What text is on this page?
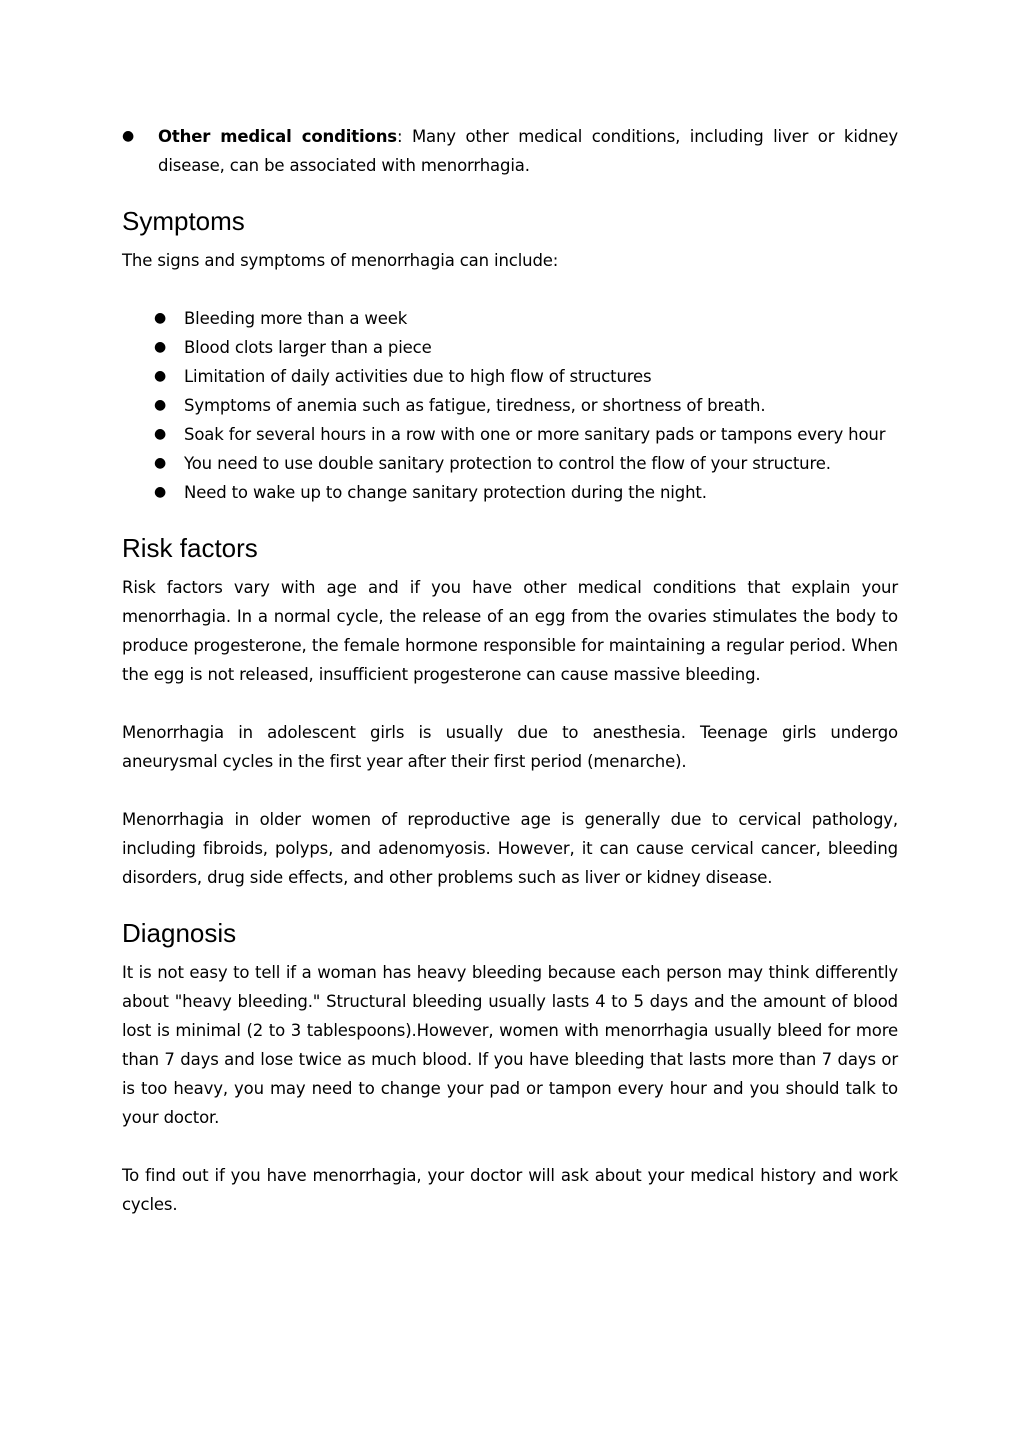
● Other medical conditions: Many other medical conditions, including liver or kidney disease, can be associated with menorrhagia.
Symptoms

The signs and symptoms of menorrhagia can include:

● Bleeding more than a week
● Blood clots larger than a piece
● Limitation of daily activities due to high flow of structures
● Symptoms of anemia such as fatigue, tiredness, or shortness of breath.
● Soak for several hours in a row with one or more sanitary pads or tampons every hour
● You need to use double sanitary protection to control the flow of your structure.
● Need to wake up to change sanitary protection during the night.
Risk factors

Risk factors vary with age and if you have other medical conditions that explain your menorrhagia. In a normal cycle, the release of an egg from the ovaries stimulates the body to produce progesterone, the female hormone responsible for maintaining a regular period. When the egg is not released, insufficient progesterone can cause massive bleeding.

Menorrhagia in adolescent girls is usually due to anesthesia. Teenage girls undergo aneurysmal cycles in the first year after their first period (menarche).

Menorrhagia in older women of reproductive age is generally due to cervical pathology, including fibroids, polyps, and adenomyosis. However, it can cause cervical cancer, bleeding disorders, drug side effects, and other problems such as liver or kidney disease.

Diagnosis

It is not easy to tell if a woman has heavy bleeding because each person may think differently about "heavy bleeding." Structural bleeding usually lasts 4 to 5 days and the amount of blood lost is minimal (2 to 3 tablespoons).However, women with menorrhagia usually bleed for more than 7 days and lose twice as much blood. If you have bleeding that lasts more than 7 days or is too heavy, you may need to change your pad or tampon every hour and you should talk to your doctor.

To find out if you have menorrhagia, your doctor will ask about your medical history and work cycles.
